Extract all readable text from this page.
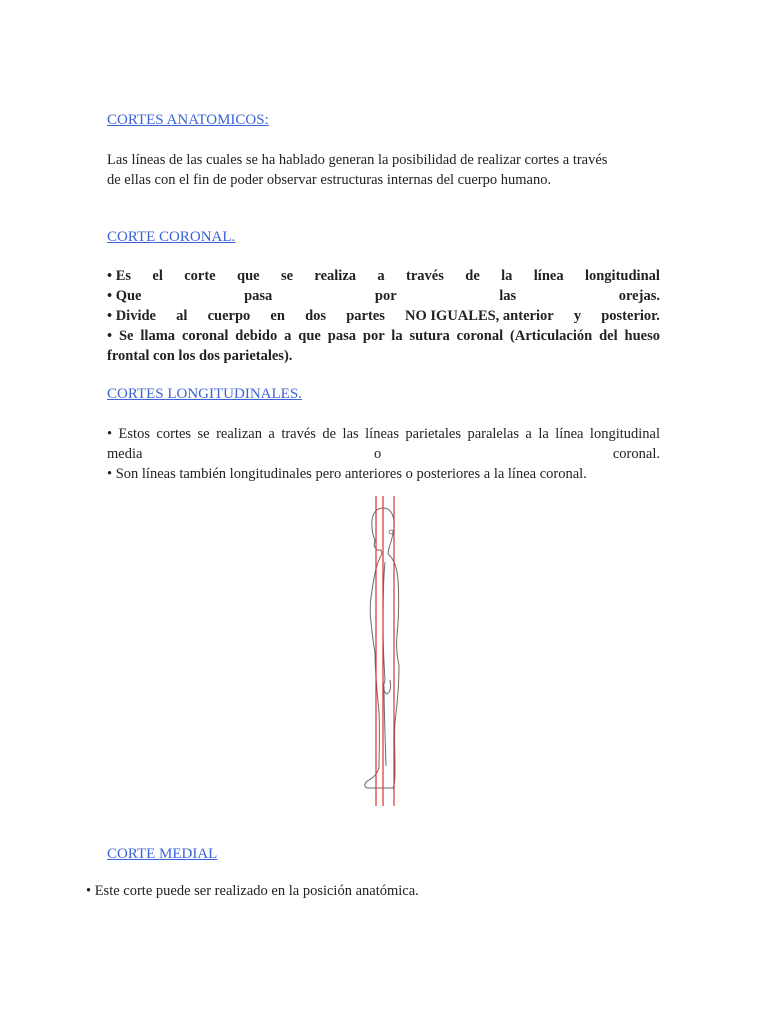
CORTES ANATOMICOS:
Las líneas de las cuales se ha hablado generan la posibilidad de realizar cortes a través
de ellas con el fin de poder observar estructuras internas del cuerpo humano.
CORTE CORONAL.
• Es el corte que se realiza a través de la línea longitudinal
• Que	pasa	por	las	orejas.
• Divide al cuerpo en dos partes NO IGUALES, anterior y posterior.
• Se llama coronal debido a que pasa por la sutura coronal (Articulación del hueso
frontal con los dos parietales).
CORTES LONGITUDINALES.
• Estos cortes se realizan a través de las líneas parietales paralelas a la línea longitudinal
media	o	coronal.
• Son líneas también longitudinales pero anteriores o posteriores a la línea coronal.
CORTE MEDIAL
• Este corte puede ser realizado en la posición anatómica.
